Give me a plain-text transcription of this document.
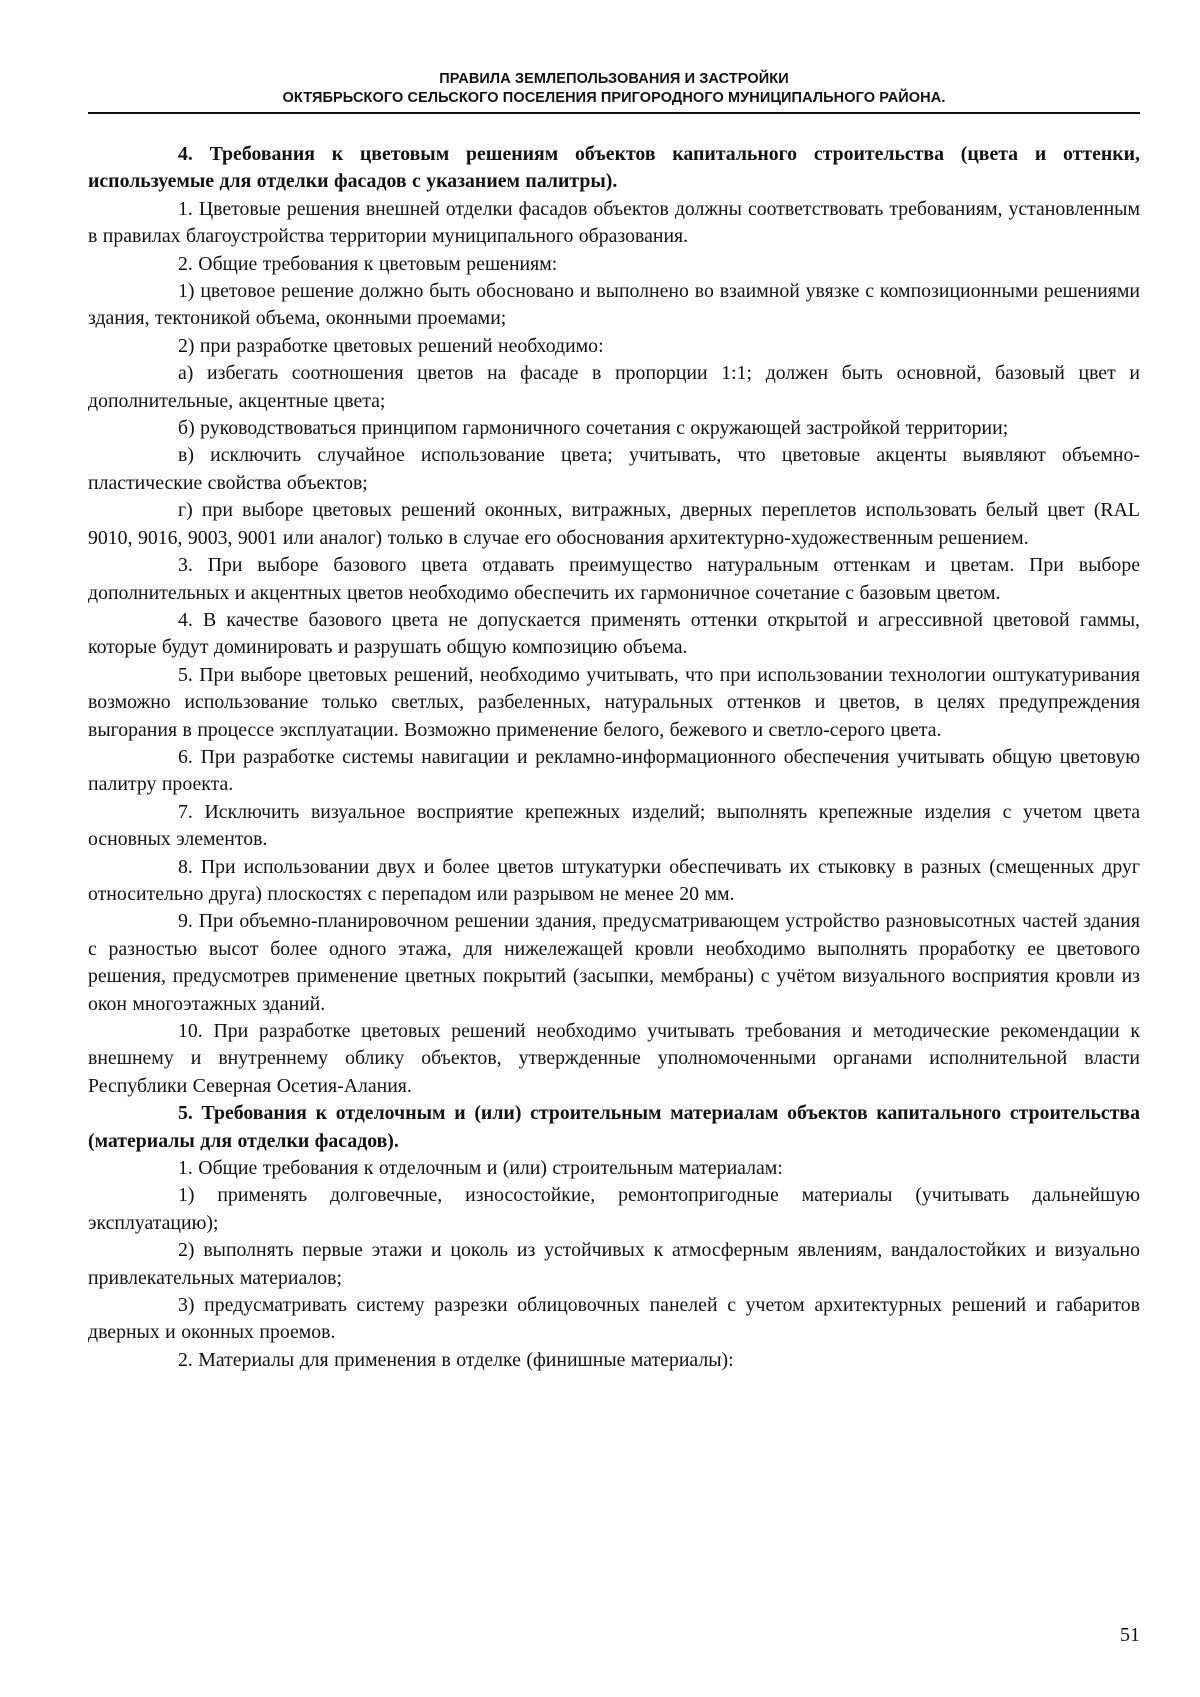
ПРАВИЛА ЗЕМЛЕПОЛЬЗОВАНИЯ И ЗАСТРОЙКИ
ОКТЯБРЬСКОГО СЕЛЬСКОГО ПОСЕЛЕНИЯ ПРИГОРОДНОГО МУНИЦИПАЛЬНОГО РАЙОНА.

4. Требования к цветовым решениям объектов капитального строительства (цвета и оттенки, используемые для отделки фасадов с указанием палитры).

1. Цветовые решения внешней отделки фасадов объектов должны соответствовать требованиям, установленным в правилах благоустройства территории муниципального образования.

2. Общие требования к цветовым решениям:

1) цветовое решение должно быть обосновано и выполнено во взаимной увязке с композиционными решениями здания, тектоникой объема, оконными проемами;

2) при разработке цветовых решений необходимо:

а) избегать соотношения цветов на фасаде в пропорции 1:1; должен быть основной, базовый цвет и дополнительные, акцентные цвета;

б) руководствоваться принципом гармоничного сочетания с окружающей застройкой территории;

в) исключить случайное использование цвета; учитывать, что цветовые акценты выявляют объемно-пластические свойства объектов;

г) при выборе цветовых решений оконных, витражных, дверных переплетов использовать белый цвет (RAL 9010, 9016, 9003, 9001 или аналог) только в случае его обоснования архитектурно-художественным решением.

3. При выборе базового цвета отдавать преимущество натуральным оттенкам и цветам. При выборе дополнительных и акцентных цветов необходимо обеспечить их гармоничное сочетание с базовым цветом.

4. В качестве базового цвета не допускается применять оттенки открытой и агрессивной цветовой гаммы, которые будут доминировать и разрушать общую композицию объема.

5. При выборе цветовых решений, необходимо учитывать, что при использовании технологии оштукатуривания возможно использование только светлых, разбеленных, натуральных оттенков и цветов, в целях предупреждения выгорания в процессе эксплуатации. Возможно применение белого, бежевого и светло-серого цвета.

6. При разработке системы навигации и рекламно-информационного обеспечения учитывать общую цветовую палитру проекта.

7. Исключить визуальное восприятие крепежных изделий; выполнять крепежные изделия с учетом цвета основных элементов.

8. При использовании двух и более цветов штукатурки обеспечивать их стыковку в разных (смещенных друг относительно друга) плоскостях с перепадом или разрывом не менее 20 мм.

9. При объемно-планировочном решении здания, предусматривающем устройство разновысотных частей здания с разностью высот более одного этажа, для нижележащей кровли необходимо выполнять проработку ее цветового решения, предусмотрев применение цветных покрытий (засыпки, мембраны) с учётом визуального восприятия кровли из окон многоэтажных зданий.

10. При разработке цветовых решений необходимо учитывать требования и методические рекомендации к внешнему и внутреннему облику объектов, утвержденные уполномоченными органами исполнительной власти Республики Северная Осетия-Алания.

5. Требования к отделочным и (или) строительным материалам объектов капитального строительства (материалы для отделки фасадов).

1. Общие требования к отделочным и (или) строительным материалам:

1) применять долговечные, износостойкие, ремонтопригодные материалы (учитывать дальнейшую эксплуатацию);

2) выполнять первые этажи и цоколь из устойчивых к атмосферным явлениям, вандалостойких и визуально привлекательных материалов;

3) предусматривать систему разрезки облицовочных панелей с учетом архитектурных решений и габаритов дверных и оконных проемов.

2. Материалы для применения в отделке (финишные материалы):

51
